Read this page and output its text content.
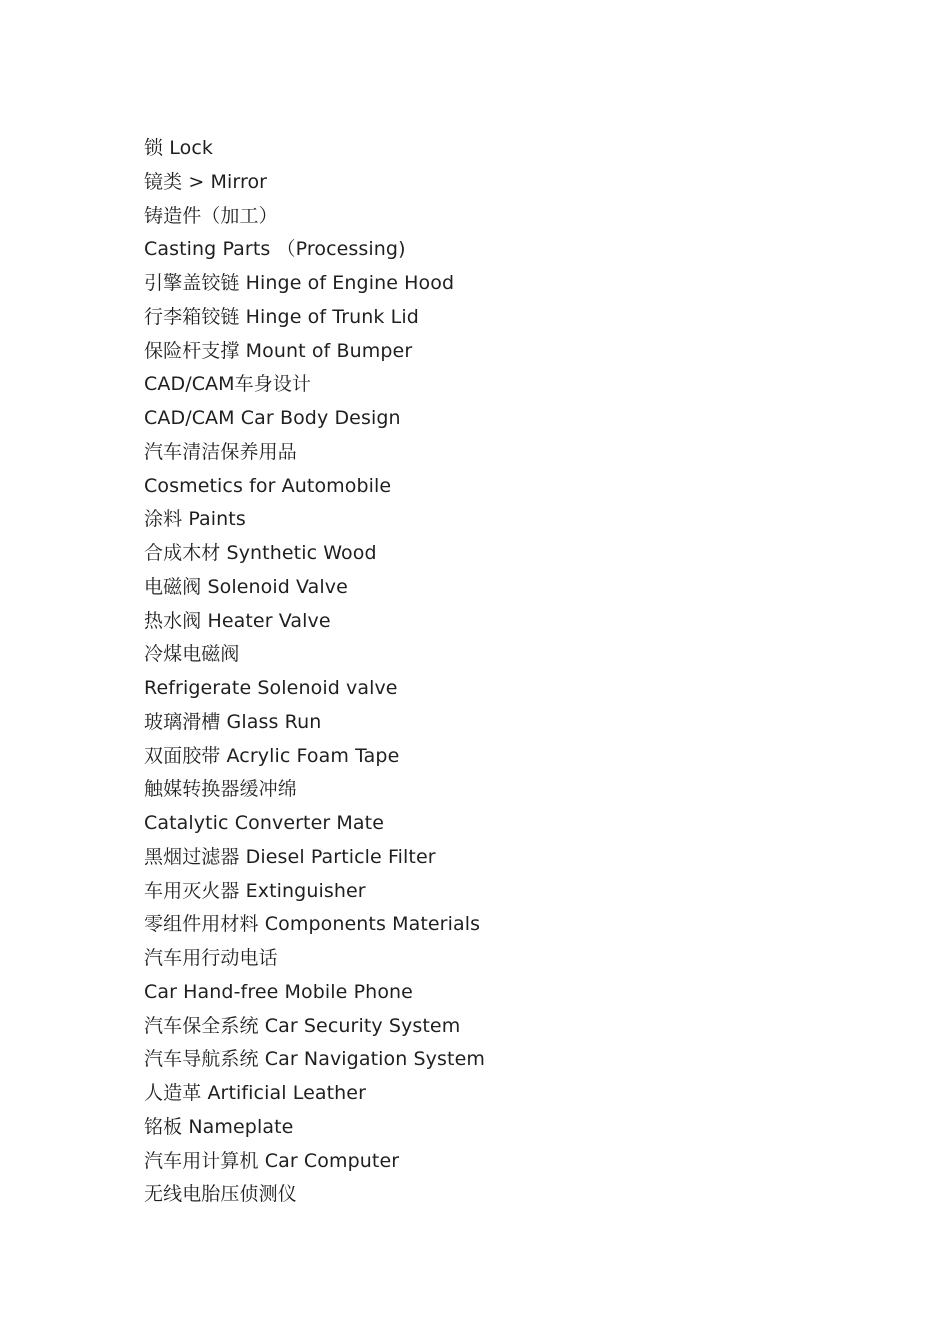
锁 Lock
镜类 > Mirror
铸造件（加工）
Casting Parts （Processing)
引擎盖铰链 Hinge of Engine Hood
行李箱铰链 Hinge of Trunk Lid
保险杆支撑 Mount of Bumper
CAD/CAM车身设计
CAD/CAM Car Body Design
汽车清洁保养用品
Cosmetics for Automobile
涂料 Paints
合成木材 Synthetic Wood
电磁阀 Solenoid Valve
热水阀 Heater Valve
冷煤电磁阀
Refrigerate Solenoid valve
玻璃滑槽 Glass Run
双面胶带 Acrylic Foam Tape
触媒转换器缓冲绵
Catalytic Converter Mate
黑烟过滤器 Diesel Particle Filter
车用灭火器 Extinguisher
零组件用材料 Components Materials
汽车用行动电话
Car Hand-free Mobile Phone
汽车保全系统 Car Security System
汽车导航系统 Car Navigation System
人造革 Artificial Leather
铭板 Nameplate
汽车用计算机 Car Computer
无线电胎压侦测仪
